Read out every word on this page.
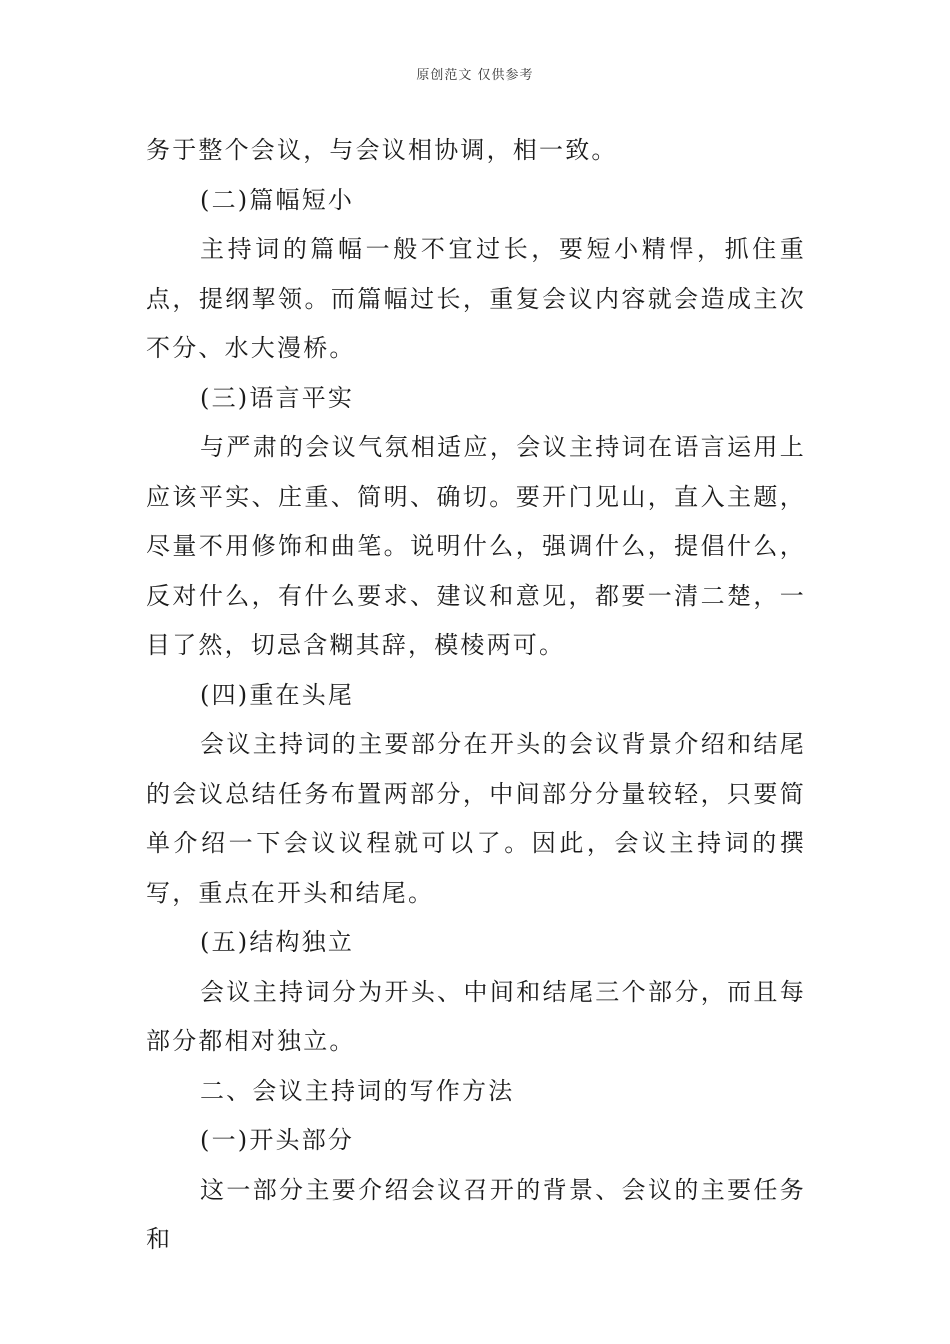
原创范文 仅供参考

务于整个会议，与会议相协调，相一致。

(二)篇幅短小

主持词的篇幅一般不宜过长，要短小精悍，抓住重点，提纲挈领。而篇幅过长，重复会议内容就会造成主次不分、水大漫桥。

(三)语言平实

与严肃的会议气氛相适应，会议主持词在语言运用上应该平实、庄重、简明、确切。要开门见山，直入主题，尽量不用修饰和曲笔。说明什么，强调什么，提倡什么，反对什么，有什么要求、建议和意见，都要一清二楚，一目了然，切忌含糊其辞，模棱两可。

(四)重在头尾

会议主持词的主要部分在开头的会议背景介绍和结尾的会议总结任务布置两部分，中间部分分量较轻，只要简单介绍一下会议议程就可以了。因此，会议主持词的撰写，重点在开头和结尾。

(五)结构独立

会议主持词分为开头、中间和结尾三个部分，而且每部分都相对独立。

二、会议主持词的写作方法

(一)开头部分

这一部分主要介绍会议召开的背景、会议的主要任务和
